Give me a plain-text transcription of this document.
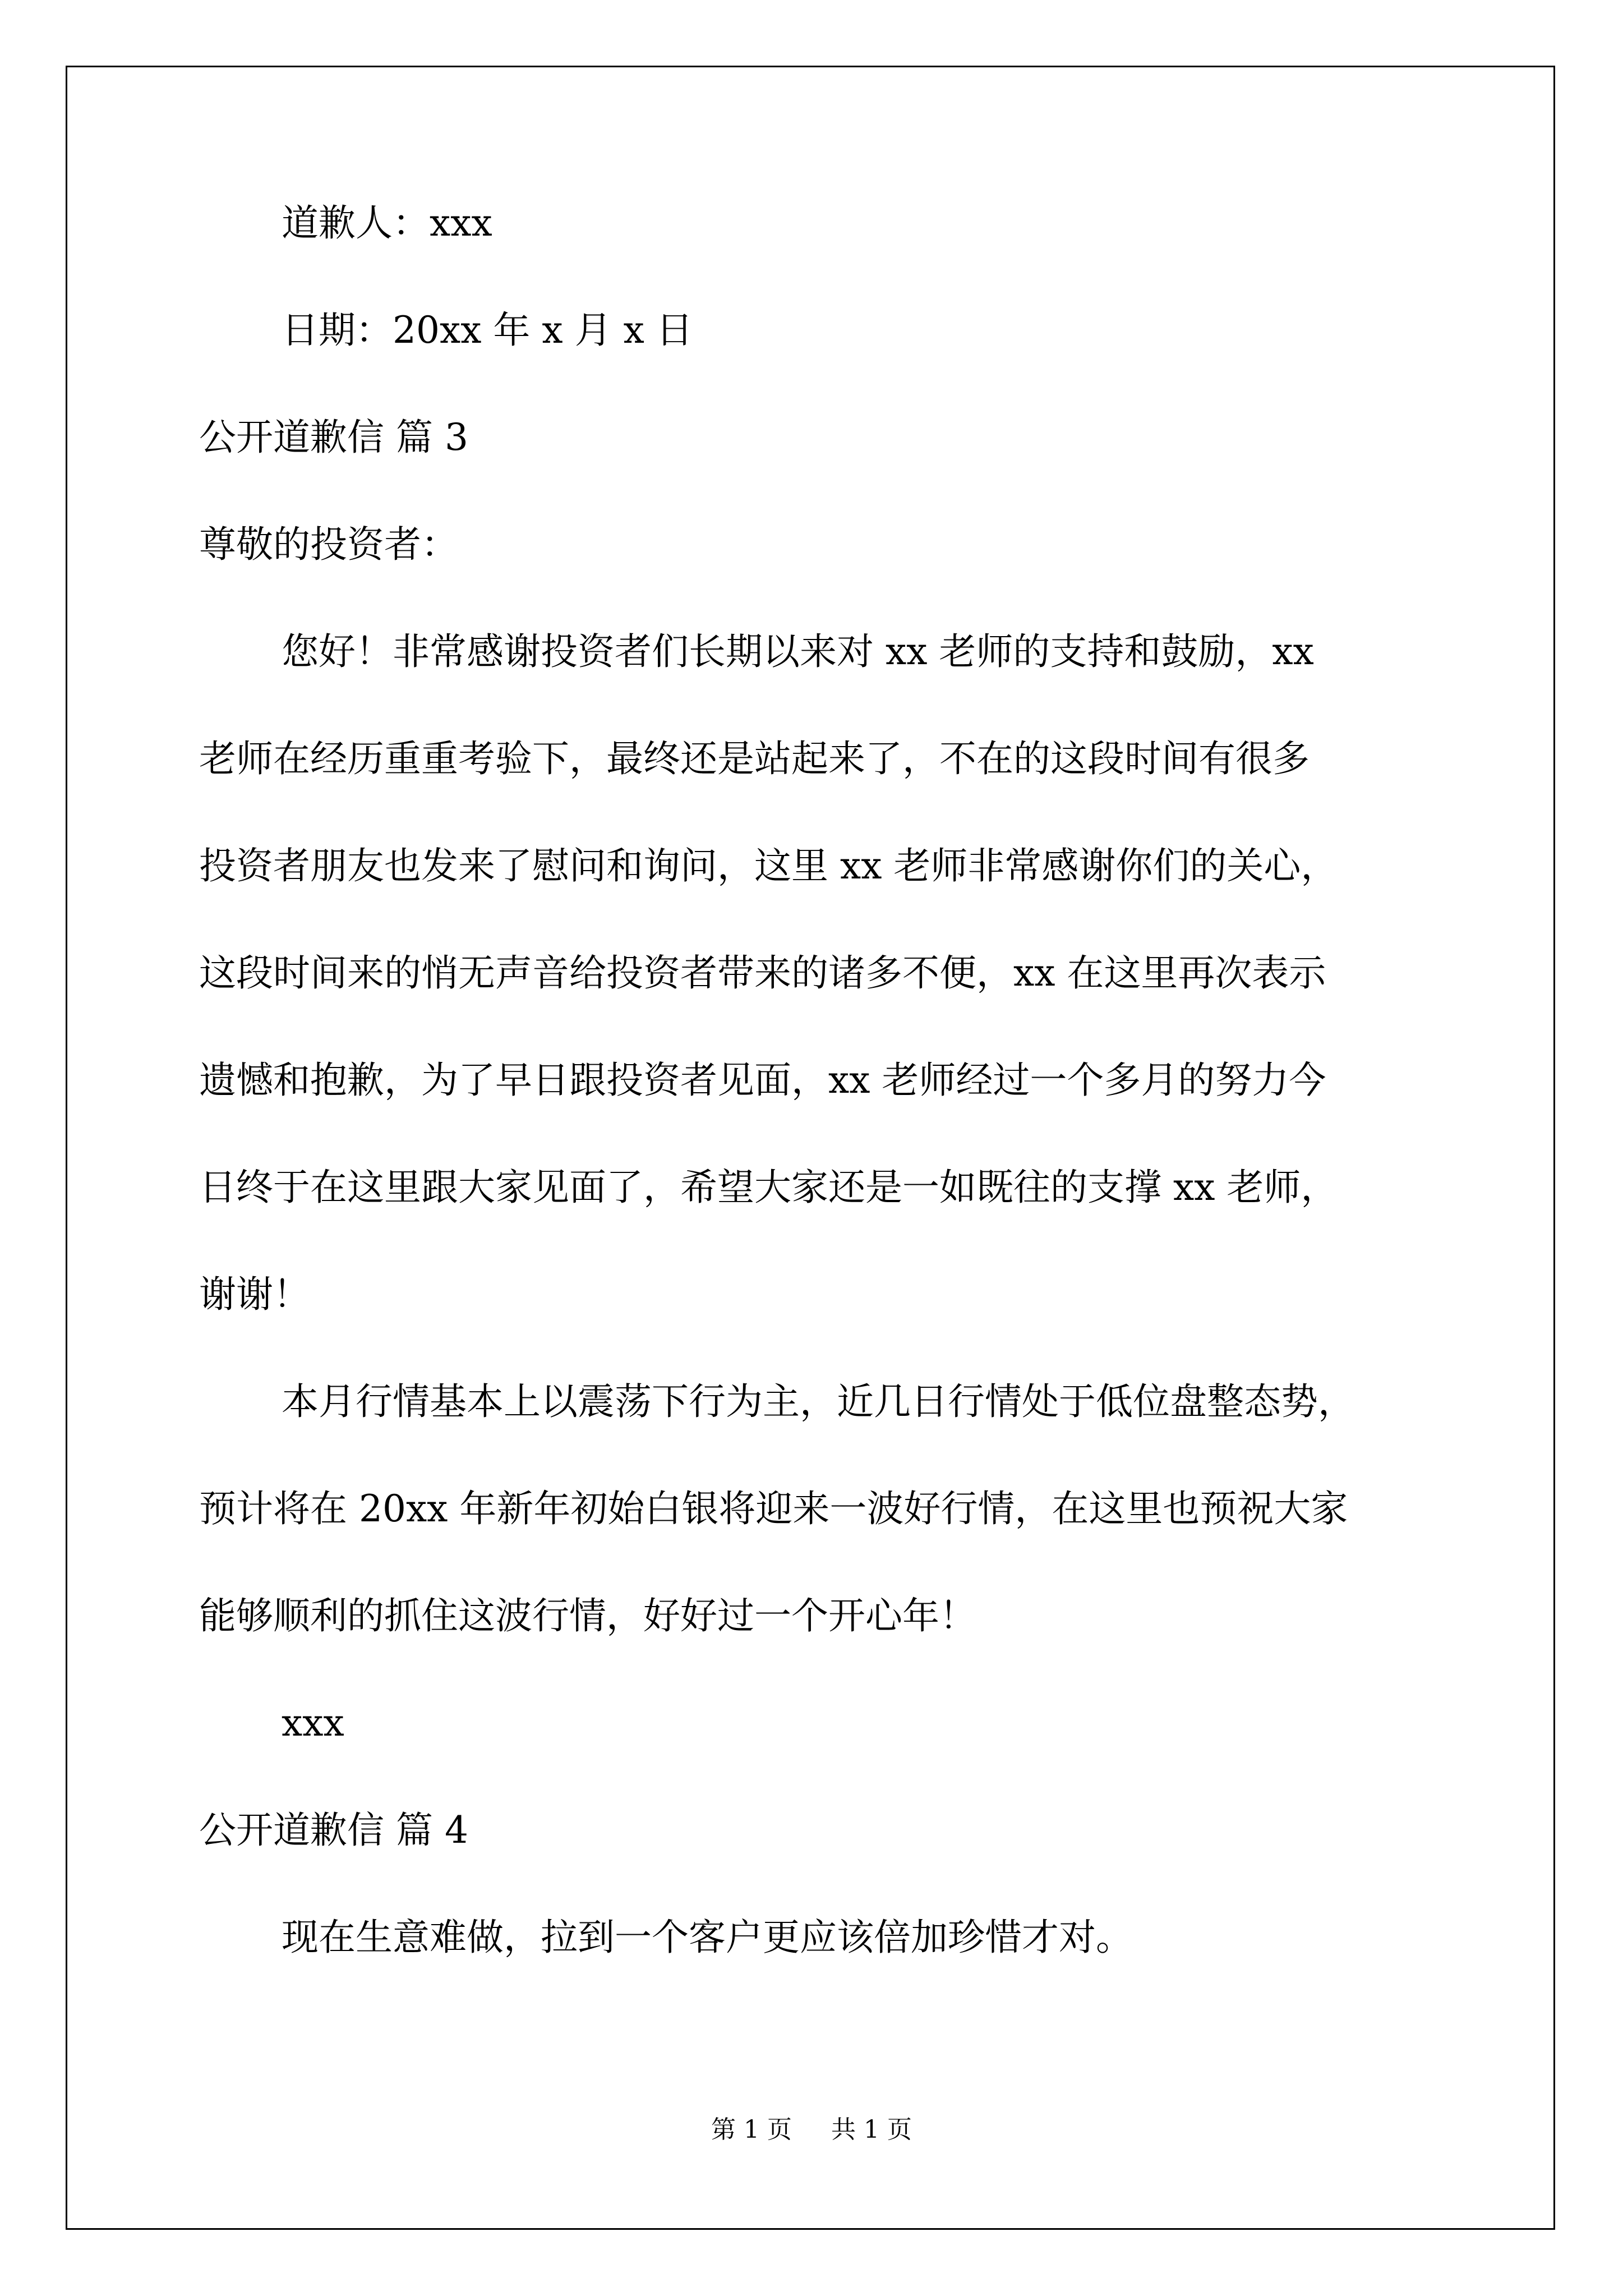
道歉人：xxx
日期：20xx 年 x 月 x 日
公开道歉信 篇 3
尊敬的投资者：
您好！非常感谢投资者们长期以来对 xx 老师的支持和鼓励，xx
老师在经历重重考验下，最终还是站起来了，不在的这段时间有很多
投资者朋友也发来了慰问和询问，这里 xx 老师非常感谢你们的关心，
这段时间来的悄无声音给投资者带来的诸多不便，xx 在这里再次表示
遗憾和抱歉，为了早日跟投资者见面，xx 老师经过一个多月的努力今
日终于在这里跟大家见面了，希望大家还是一如既往的支撑 xx 老师，
谢谢！
本月行情基本上以震荡下行为主，近几日行情处于低位盘整态势，
预计将在 20xx 年新年初始白银将迎来一波好行情，在这里也预祝大家
能够顺利的抓住这波行情，好好过一个开心年！
xxx
公开道歉信 篇 4
现在生意难做，拉到一个客户更应该倍加珍惜才对。
第 1 页 共 1 页
